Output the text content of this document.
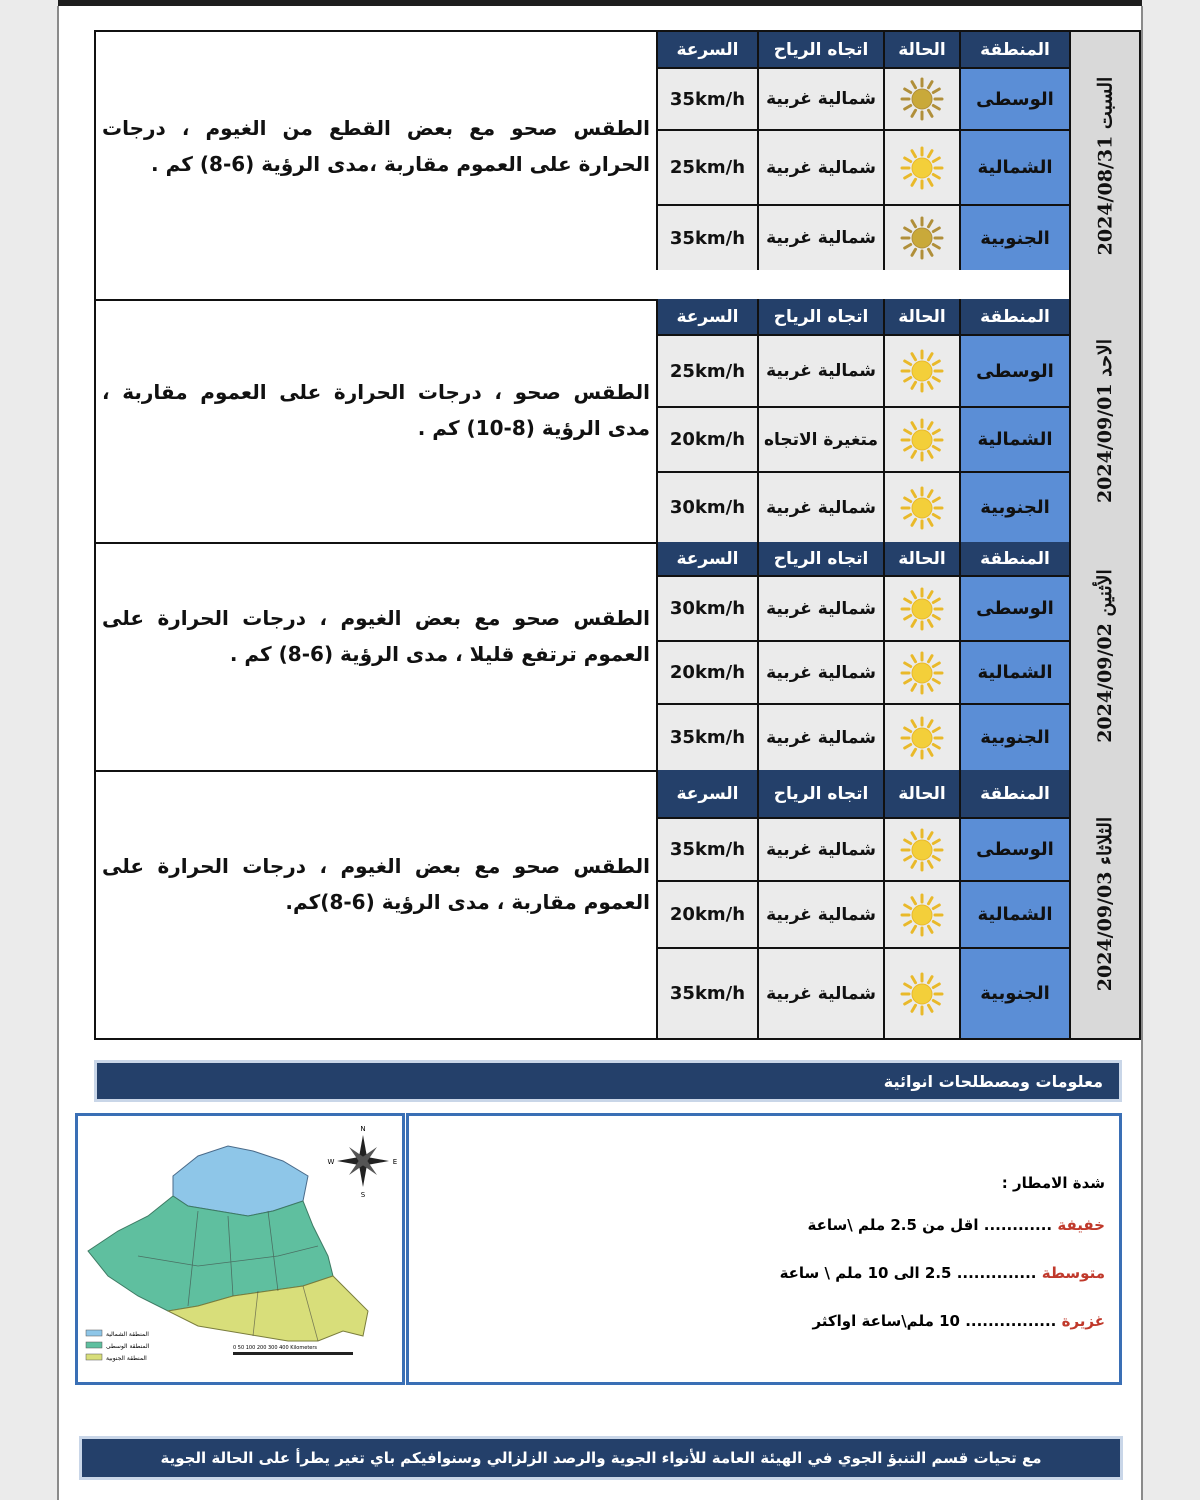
السبت 2024/08/31
المنطقة
الحالة
اتجاه الرياح
السرعة
الوسطى
شمالية غربية
35km/h
الشمالية
شمالية غربية
25km/h
الجنوبية
شمالية غربية
35km/h
الطقس صحو مع بعض القطع من الغيوم ، درجات الحرارة على العموم مقاربة ،مدى الرؤية (6-8) كم .
الاحد 2024/09/01
المنطقة
الحالة
اتجاه الرياح
السرعة
الوسطى
شمالية غربية
25km/h
الشمالية
متغيرة الاتجاه
20km/h
الجنوبية
شمالية غربية
30km/h
الطقس صحو ، درجات الحرارة على العموم مقاربة ، مدى الرؤية (8-10) كم .
الأثنين 2024/09/02
المنطقة
الحالة
اتجاه الرياح
السرعة
الوسطى
شمالية غربية
30km/h
الشمالية
شمالية غربية
20km/h
الجنوبية
شمالية غربية
35km/h
الطقس صحو مع بعض الغيوم ، درجات الحرارة على العموم ترتفع قليلا ، مدى الرؤية (6-8) كم .
الثلاثاء 2024/09/03
المنطقة
الحالة
اتجاه الرياح
السرعة
الوسطى
شمالية غربية
35km/h
الشمالية
شمالية غربية
20km/h
الجنوبية
شمالية غربية
35km/h
الطقس صحو مع بعض الغيوم ، درجات الحرارة على العموم مقاربة ، مدى الرؤية (6-8)كم.
معلومات ومصطلحات انوائية
N
E
S
W
المنطقة الشمالية
المنطقة الوسطى
المنطقة الجنوبية
0 50 100 200 300 400 Kilometers
شدة الامطار :
خفيفة ............ اقل من 2.5 ملم \ساعة
متوسطة .............. 2.5 الى 10 ملم \ ساعة
غزيرة ................ 10 ملم\ساعة اواكثر
مع تحيات قسم التنبؤ الجوي في الهيئة العامة للأنواء الجوية والرصد الزلزالي وسنوافيكم باي تغير يطرأ على الحالة الجوية
